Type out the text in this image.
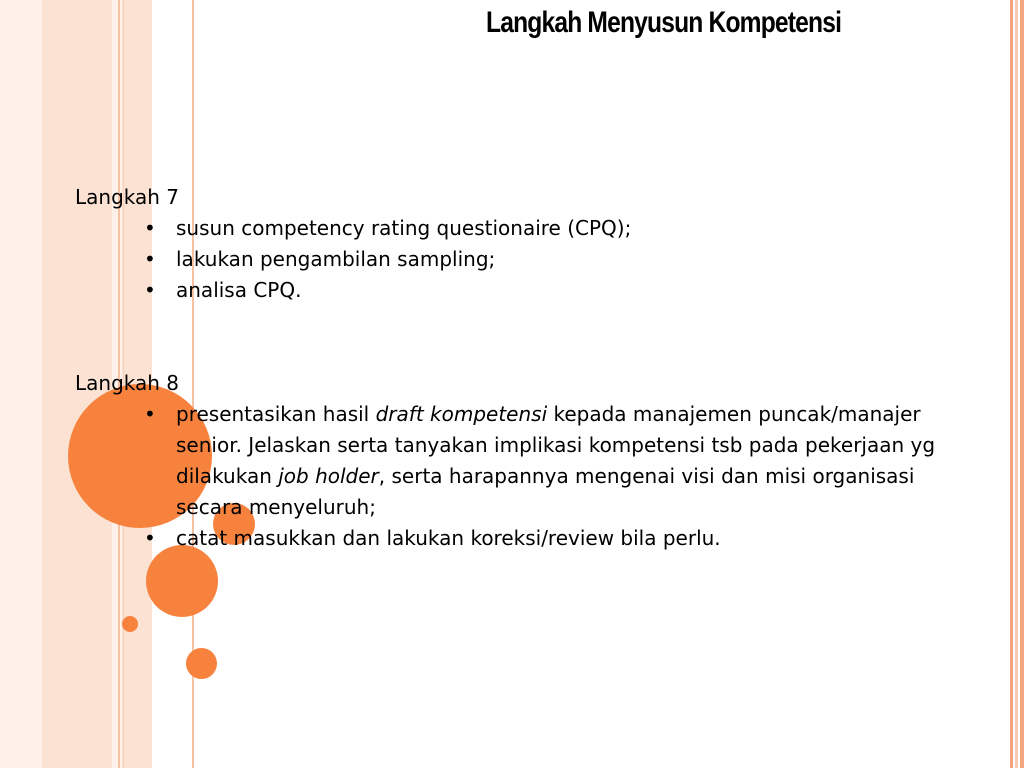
Langkah Menyusun Kompetensi

Langkah 7

• susun competency rating questionaire (CPQ);
• lakukan pengambilan sampling;
• analisa CPQ.

Langkah 8

• presentasikan hasil draft kompetensi kepada manajemen puncak/manajer senior. Jelaskan serta tanyakan implikasi kompetensi tsb pada pekerjaan yg dilakukan job holder, serta harapannya mengenai visi dan misi organisasi secara menyeluruh;
• catat masukkan dan lakukan koreksi/review bila perlu.
